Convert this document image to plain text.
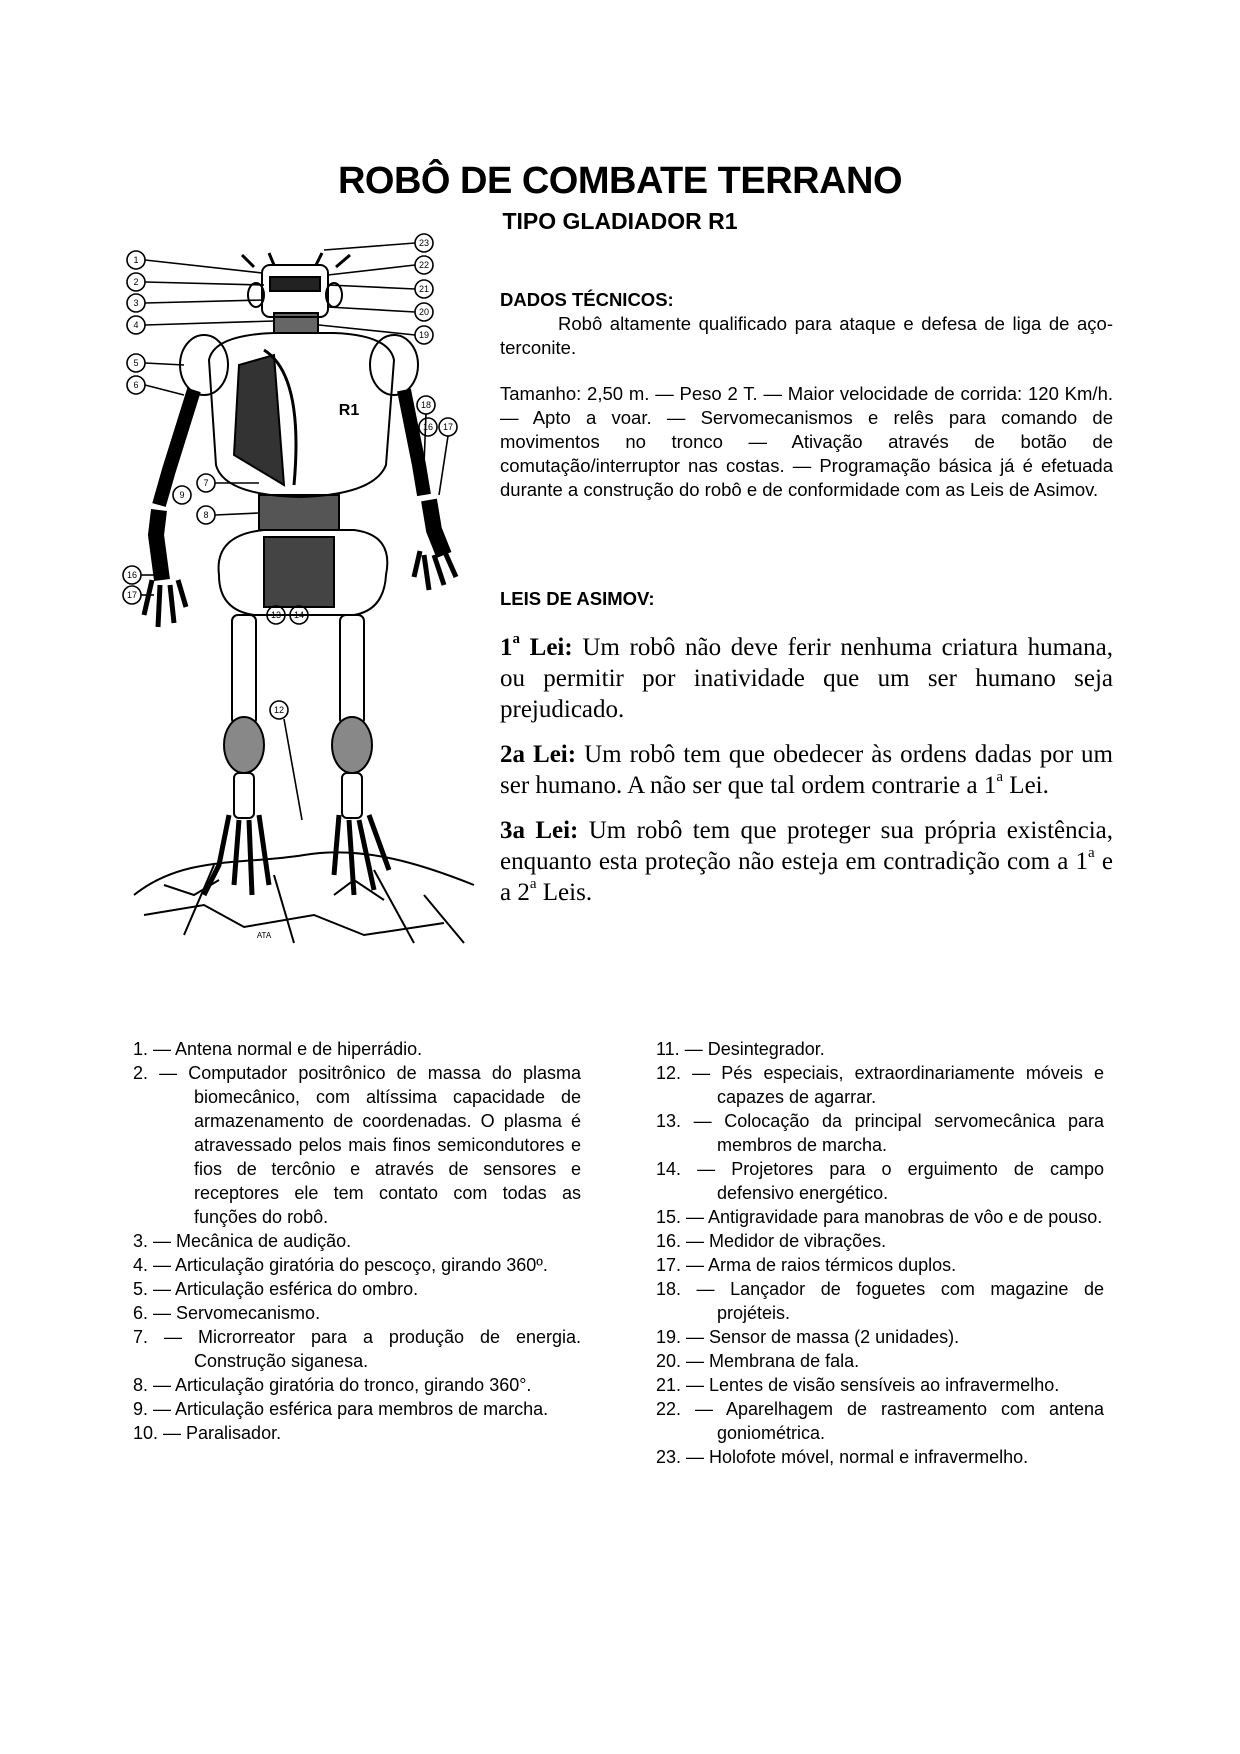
ROBÔ DE COMBATE TERRANO
TIPO GLADIADOR R1
1
2
3
4
5
6
7
8
9
16
17
13 14
12
23
22
21
20
19
18
16 17
R1
ATA
DADOS TÉCNICOS:

Robô altamente qualificado para ataque e defesa de liga de aço-terconite.

Tamanho: 2,50 m. — Peso 2 T. — Maior velocidade de corrida: 120 Km/h. — Apto a voar. — Servomecanismos e relês para comando de movimentos no tronco — Ativação através de botão de comutação/interruptor nas costas. — Programação básica já é efetuada durante a construção do robô e de conformidade com as Leis de Asimov.

LEIS DE ASIMOV:

1$^a$ Lei: Um robô não deve ferir nenhuma criatura humana, ou permitir por inatividade que um ser humano seja prejudicado.

2a Lei: Um robô tem que obedecer às ordens dadas por um ser humano. A não ser que tal ordem contrarie a 1$^a$ Lei.

3a Lei: Um robô tem que proteger sua própria existência, enquanto esta proteção não esteja em contradição com a 1$^a$ e a 2$^a$ Leis.

1. — Antena normal e de hiperrádio.
2. — Computador positrônico de massa do plasma biomecânico, com altíssima capacidade de armazenamento de coordenadas. O plasma é atravessado pelos mais finos semicondutores e fios de tercônio e através de sensores e receptores ele tem contato com todas as funções do robô.
3. — Mecânica de audição.
4. — Articulação giratória do pescoço, girando 360º.
5. — Articulação esférica do ombro.
6. — Servomecanismo.
7. — Microrreator para a produção de energia. Construção siganesa.
8. — Articulação giratória do tronco, girando 360°.
9. — Articulação esférica para membros de marcha.
10. — Paralisador.
11. — Desintegrador.
12. — Pés especiais, extraordinariamente móveis e capazes de agarrar.
13. — Colocação da principal servomecânica para membros de marcha.
14. — Projetores para o erguimento de campo defensivo energético.
15. — Antigravidade para manobras de vôo e de pouso.
16. — Medidor de vibrações.
17. — Arma de raios térmicos duplos.
18. — Lançador de foguetes com magazine de projéteis.
19. — Sensor de massa (2 unidades).
20. — Membrana de fala.
21. — Lentes de visão sensíveis ao infravermelho.
22. — Aparelhagem de rastreamento com antena goniométrica.
23. — Holofote móvel, normal e infravermelho.
